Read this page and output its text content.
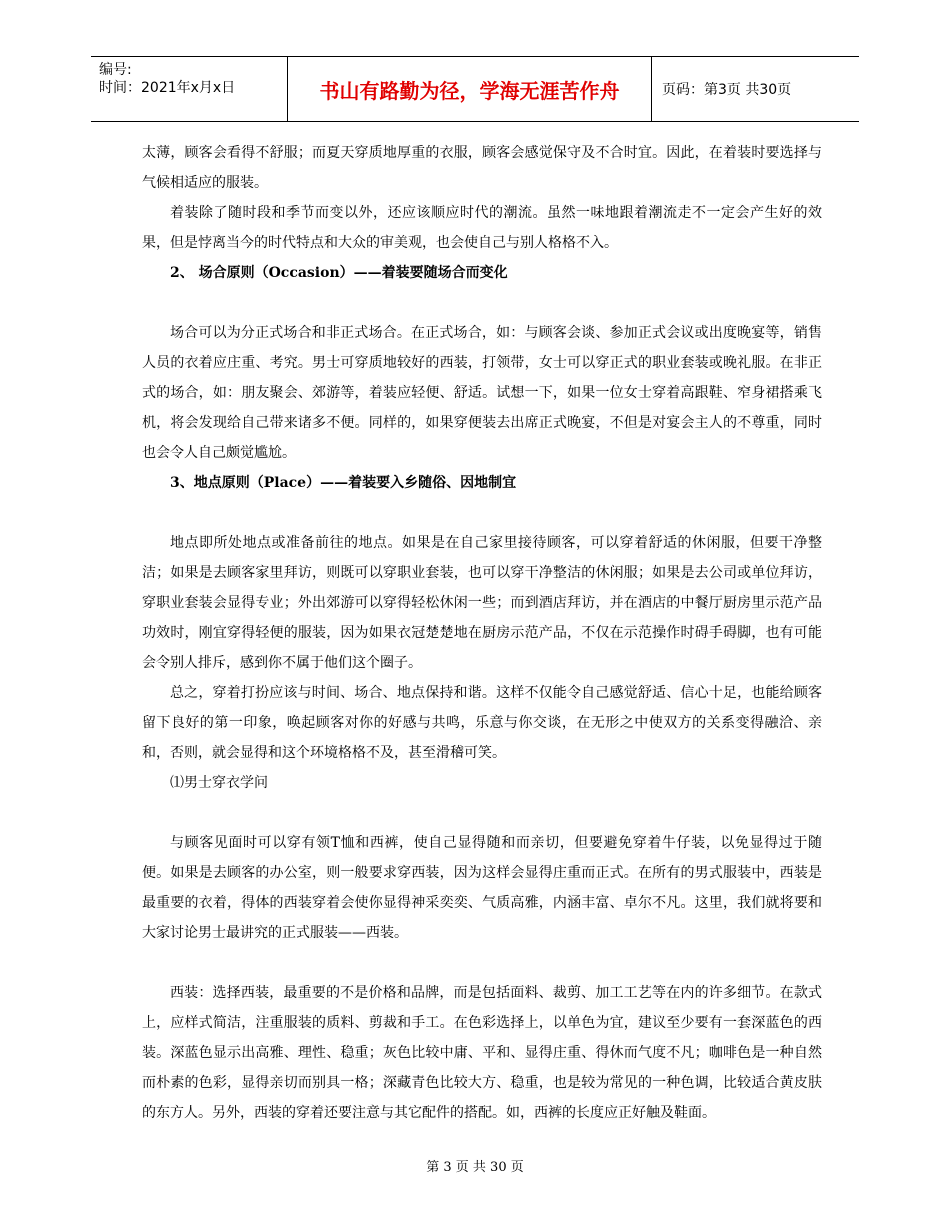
编号:
时间：2021年x月x日	书山有路勤为径，学海无涯苦作舟	页码：第3页 共30页

太薄，顾客会看得不舒服；而夏天穿质地厚重的衣服，顾客会感觉保守及不合时宜。因此，在着装时要选择与气候相适应的服装。

着装除了随时段和季节而变以外，还应该顺应时代的潮流。虽然一味地跟着潮流走不一定会产生好的效果，但是悖离当今的时代特点和大众的审美观，也会使自己与别人格格不入。

2、 场合原则（Occasion）——着装要随场合而变化

场合可以为分正式场合和非正式场合。在正式场合，如：与顾客会谈、参加正式会议或出度晚宴等，销售人员的衣着应庄重、考究。男士可穿质地较好的西装，打领带，女士可以穿正式的职业套装或晚礼服。在非正式的场合，如：朋友聚会、郊游等，着装应轻便、舒适。试想一下，如果一位女士穿着高跟鞋、窄身裙搭乘飞机，将会发现给自己带来诸多不便。同样的，如果穿便装去出席正式晚宴，不但是对宴会主人的不尊重，同时也会令人自己颇觉尴尬。

3、地点原则（Place）——着装要入乡随俗、因地制宜

地点即所处地点或准备前往的地点。如果是在自己家里接待顾客，可以穿着舒适的休闲服，但要干净整洁；如果是去顾客家里拜访，则既可以穿职业套装，也可以穿干净整洁的休闲服；如果是去公司或单位拜访，穿职业套装会显得专业；外出郊游可以穿得轻松休闲一些；而到酒店拜访，并在酒店的中餐厅厨房里示范产品功效时，刚宜穿得轻便的服装，因为如果衣冠楚楚地在厨房示范产品，不仅在示范操作时碍手碍脚，也有可能会令别人排斥，感到你不属于他们这个圈子。

总之，穿着打扮应该与时间、场合、地点保持和谐。这样不仅能令自己感觉舒适、信心十足，也能给顾客留下良好的第一印象，唤起顾客对你的好感与共鸣，乐意与你交谈，在无形之中使双方的关系变得融洽、亲和，否则，就会显得和这个环境格格不及，甚至滑稽可笑。

⑴男士穿衣学问

与顾客见面时可以穿有领T恤和西裤，使自己显得随和而亲切，但要避免穿着牛仔装，以免显得过于随便。如果是去顾客的办公室，则一般要求穿西装，因为这样会显得庄重而正式。在所有的男式服装中，西装是最重要的衣着，得体的西装穿着会使你显得神采奕奕、气质高雅，内涵丰富、卓尔不凡。这里，我们就将要和大家讨论男士最讲究的正式服装——西装。

西装：选择西装，最重要的不是价格和品牌，而是包括面料、裁剪、加工工艺等在内的许多细节。在款式上，应样式简洁，注重服装的质料、剪裁和手工。在色彩选择上，以单色为宜，建议至少要有一套深蓝色的西装。深蓝色显示出高雅、理性、稳重；灰色比较中庸、平和、显得庄重、得休而气度不凡；咖啡色是一种自然而朴素的色彩，显得亲切而别具一格；深藏青色比较大方、稳重，也是较为常见的一种色调，比较适合黄皮肤的东方人。另外，西装的穿着还要注意与其它配件的搭配。如，西裤的长度应正好触及鞋面。

第 3 页 共 30 页
